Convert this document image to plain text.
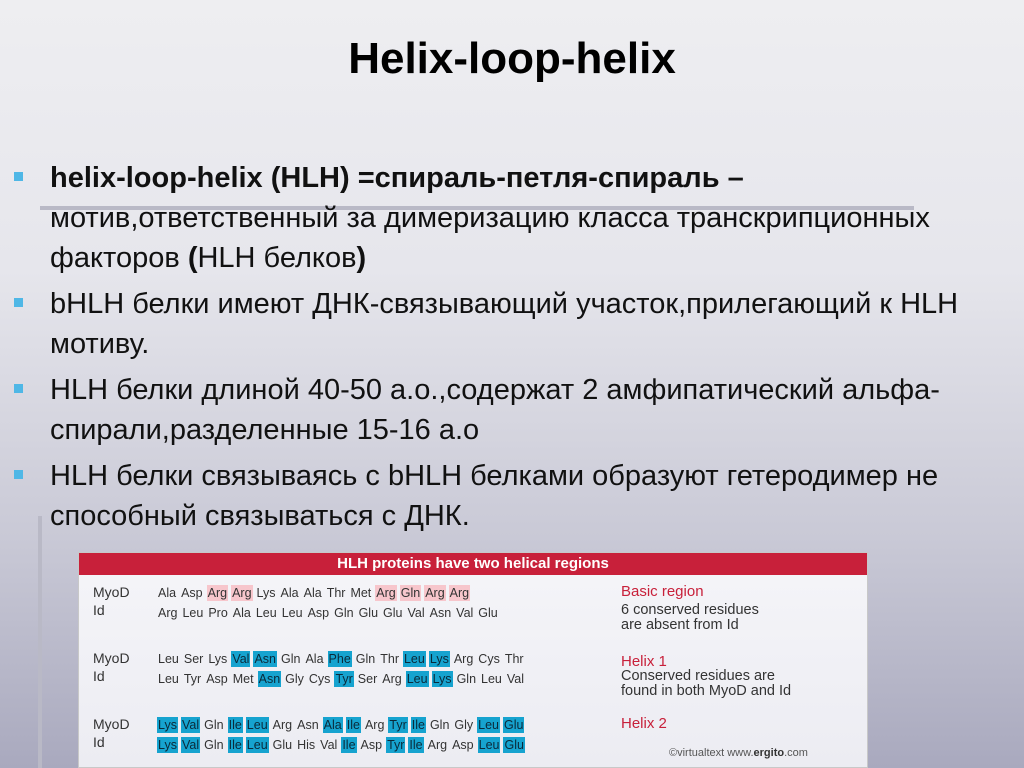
Helix-loop-helix
helix-loop-helix (HLH) =спираль-петля-спираль –
мотив,ответственный за димеризацию класса транскрипционных факторов (HLH белков)
bHLH белки имеют ДНК-связывающий участок,прилегающий к HLH мотиву.
HLH белки длиной 40-50 а.о.,содержат 2 амфипатический альфа-спирали,разделенные 15-16 а.о
HLH белки связываясь с bHLH белками образуют гетеродимер не способный связываться с ДНК.
HLH proteins have two helical regions
©virtualtext www.ergito.com
MyoD
Id
Ala Asp Arg Arg Lys Ala Ala Thr Met Arg Gln Arg Arg
Arg Leu Pro Ala Leu Leu Asp Gln Glu Glu Val Asn Val Glu
Basic region
6 conserved residues
are absent from Id
MyoD
Id
Leu Ser Lys Val Asn Gln Ala Phe Gln Thr Leu Lys Arg Cys Thr
Leu Tyr Asp Met Asn Gly Cys Tyr Ser Arg Leu Lys Gln Leu Val
Helix 1
Conserved residues are
found in both MyoD and Id
MyoD
Id
Lys Val Gln Ile Leu Arg Asn Ala Ile Arg Tyr Ile Gln Gly Leu Glu
Lys Val Gln Ile Leu Glu His Val Ile Asp Tyr Ile Arg Asp Leu Glu
Helix 2
